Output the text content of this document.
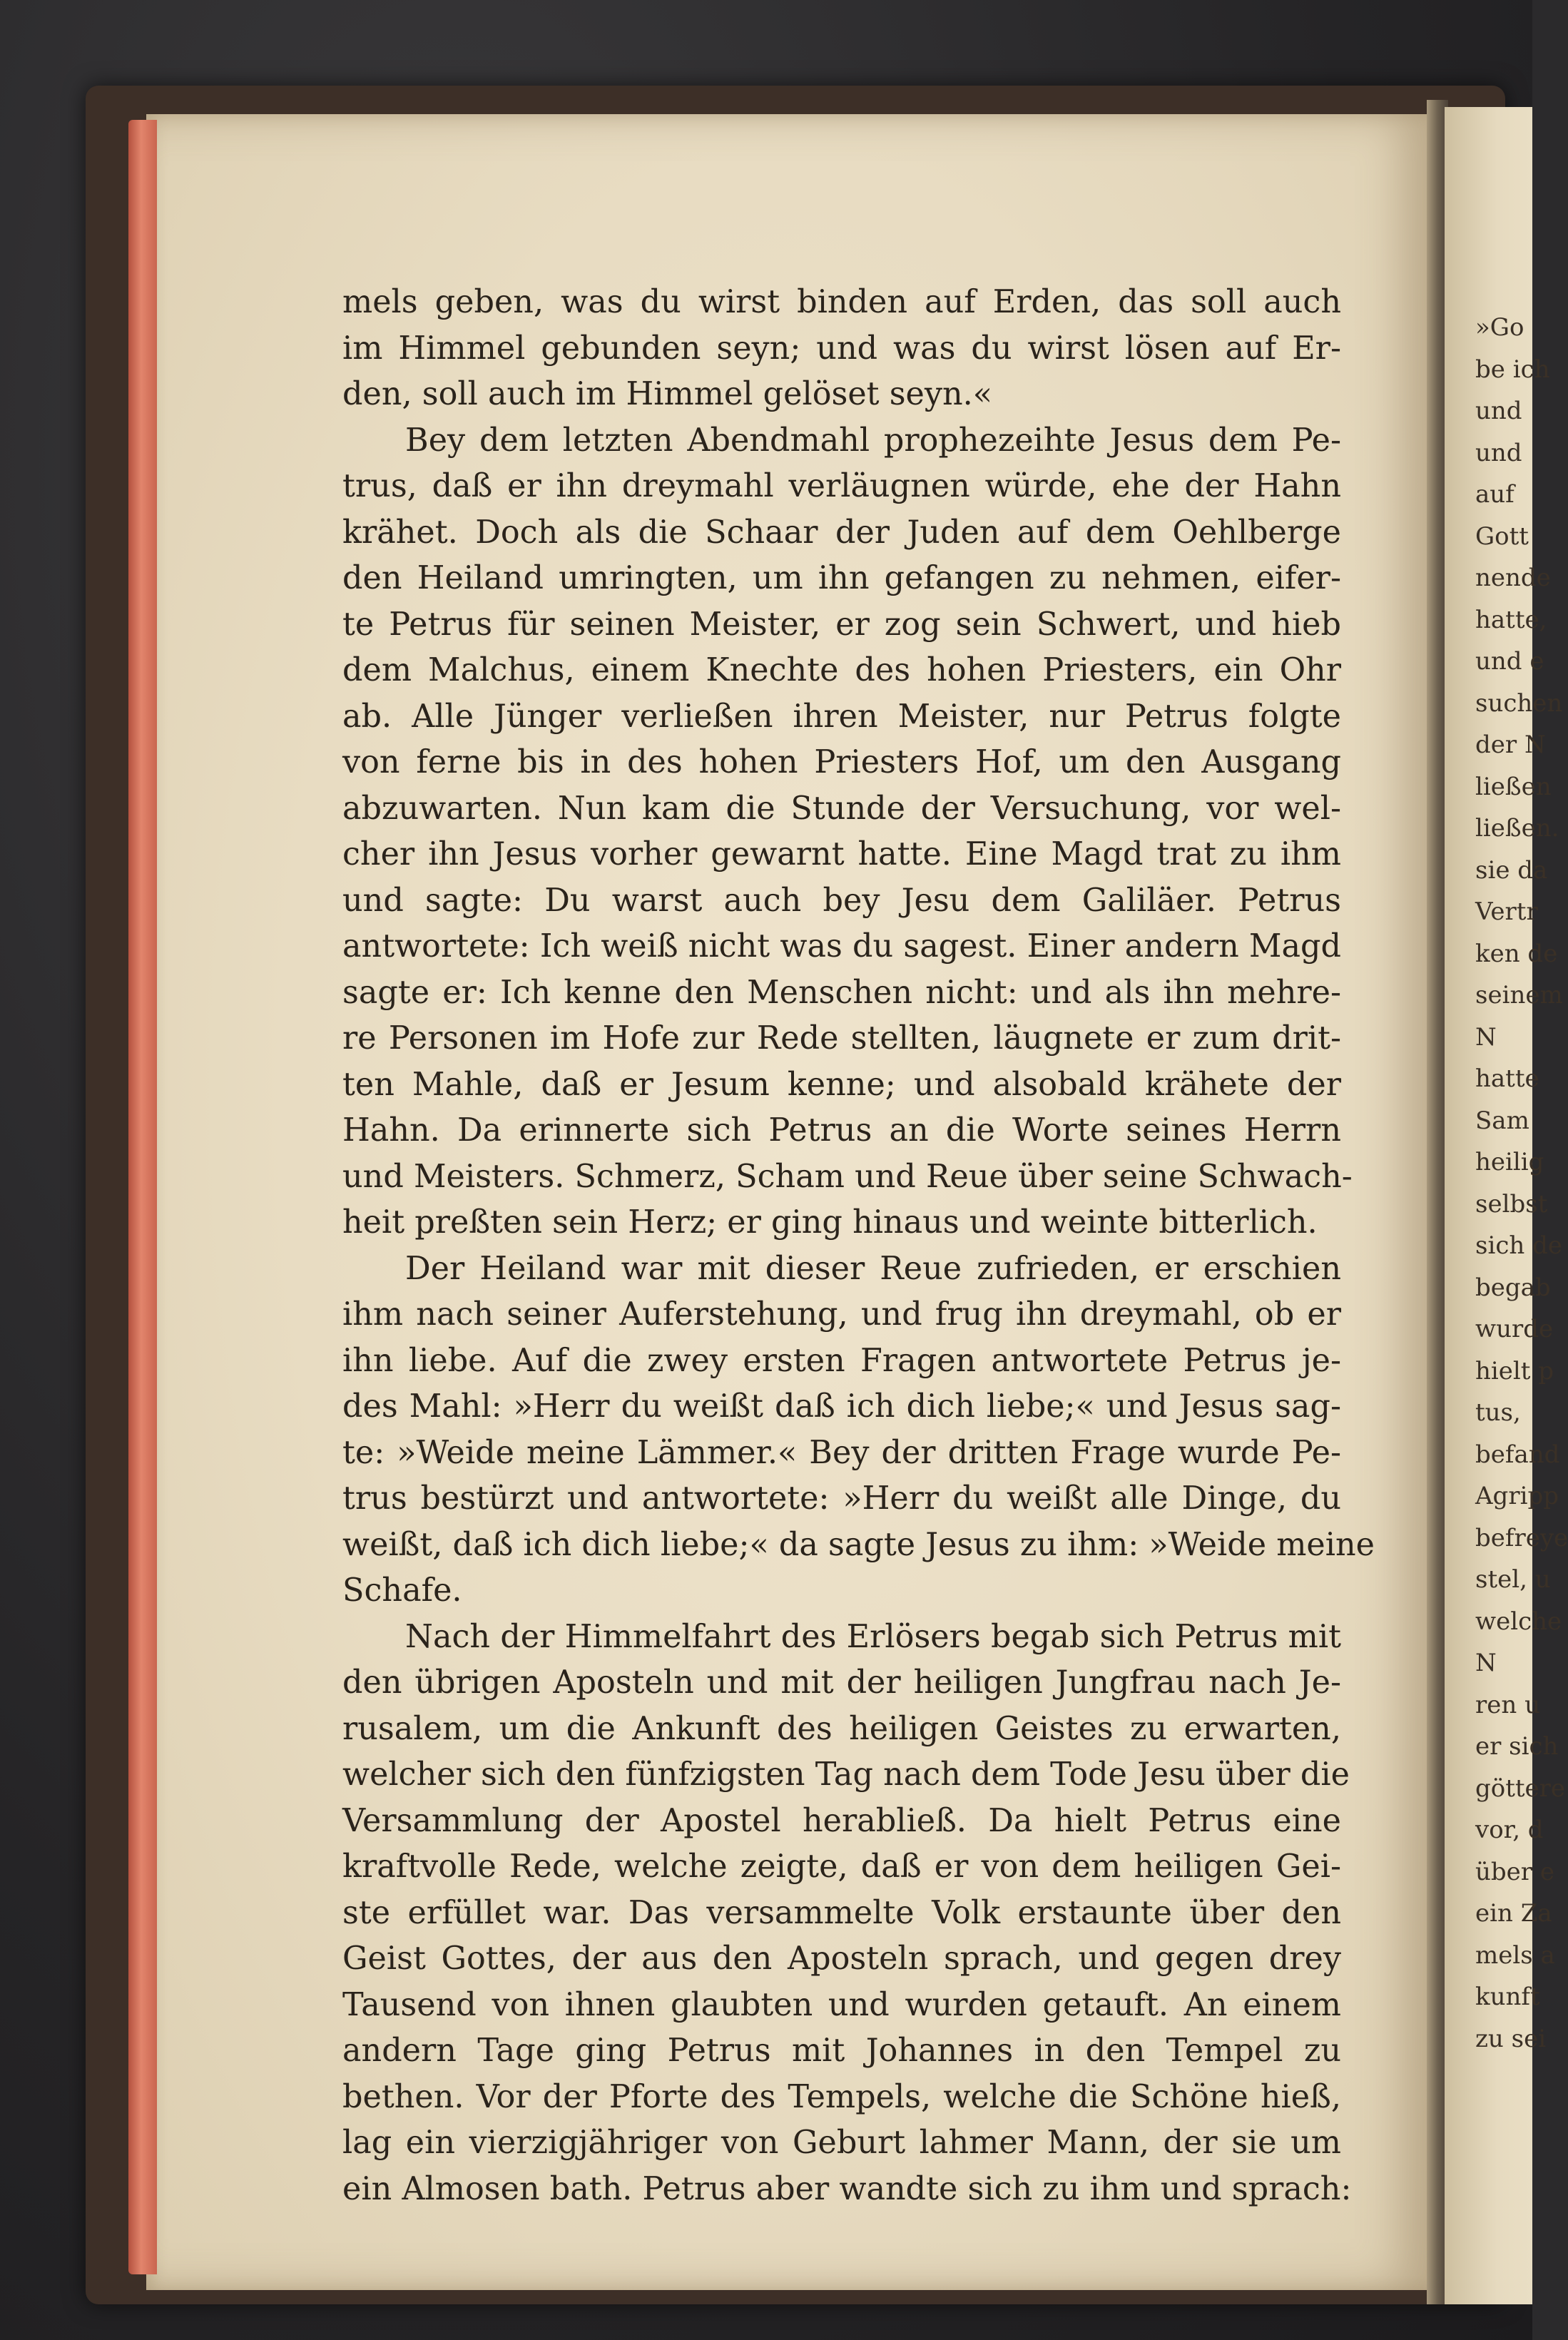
mels geben, was du wirst binden auf Erden, das soll auch
im Himmel gebunden seyn; und was du wirst lösen auf Er-
den, soll auch im Himmel gelöset seyn.«
Bey dem letzten Abendmahl prophezeihte Jesus dem Pe-
trus, daß er ihn dreymahl verläugnen würde, ehe der Hahn
krähet. Doch als die Schaar der Juden auf dem Oehlberge
den Heiland umringten, um ihn gefangen zu nehmen, eifer-
te Petrus für seinen Meister, er zog sein Schwert, und hieb
dem Malchus, einem Knechte des hohen Priesters, ein Ohr
ab. Alle Jünger verließen ihren Meister, nur Petrus folgte
von ferne bis in des hohen Priesters Hof, um den Ausgang
abzuwarten. Nun kam die Stunde der Versuchung, vor wel-
cher ihn Jesus vorher gewarnt hatte. Eine Magd trat zu ihm
und sagte: Du warst auch bey Jesu dem Galiläer. Petrus
antwortete: Ich weiß nicht was du sagest. Einer andern Magd
sagte er: Ich kenne den Menschen nicht: und als ihn mehre-
re Personen im Hofe zur Rede stellten, läugnete er zum drit-
ten Mahle, daß er Jesum kenne; und alsobald krähete der
Hahn. Da erinnerte sich Petrus an die Worte seines Herrn
und Meisters. Schmerz, Scham und Reue über seine Schwach-
heit preßten sein Herz; er ging hinaus und weinte bitterlich.
Der Heiland war mit dieser Reue zufrieden, er erschien
ihm nach seiner Auferstehung, und frug ihn dreymahl, ob er
ihn liebe. Auf die zwey ersten Fragen antwortete Petrus je-
des Mahl: »Herr du weißt daß ich dich liebe;« und Jesus sag-
te: »Weide meine Lämmer.« Bey der dritten Frage wurde Pe-
trus bestürzt und antwortete: »Herr du weißt alle Dinge, du
weißt, daß ich dich liebe;« da sagte Jesus zu ihm: »Weide meine
Schafe.
Nach der Himmelfahrt des Erlösers begab sich Petrus mit
den übrigen Aposteln und mit der heiligen Jungfrau nach Je-
rusalem, um die Ankunft des heiligen Geistes zu erwarten,
welcher sich den fünfzigsten Tag nach dem Tode Jesu über die
Versammlung der Apostel herabließ. Da hielt Petrus eine
kraftvolle Rede, welche zeigte, daß er von dem heiligen Gei-
ste erfüllet war. Das versammelte Volk erstaunte über den
Geist Gottes, der aus den Aposteln sprach, und gegen drey
Tausend von ihnen glaubten und wurden getauft. An einem
andern Tage ging Petrus mit Johannes in den Tempel zu
bethen. Vor der Pforte des Tempels, welche die Schöne hieß,
lag ein vierzigjähriger von Geburt lahmer Mann, der sie um
ein Almosen bath. Petrus aber wandte sich zu ihm und sprach:
»Go
be ich
und
und
auf
Gott
nende
hatte,
und e
suchen
der N
ließen
ließen.
sie da
Vertr
ken de
seinem
N
hatte
Sam
heilig
selbst
sich de
begab
wurde
hielt p
tus,
befand
Agripp
befreye
stel, u
welche
N
ren u
er sich
göttere
vor, d
über e
ein Za
mels a
kunft
zu sei
